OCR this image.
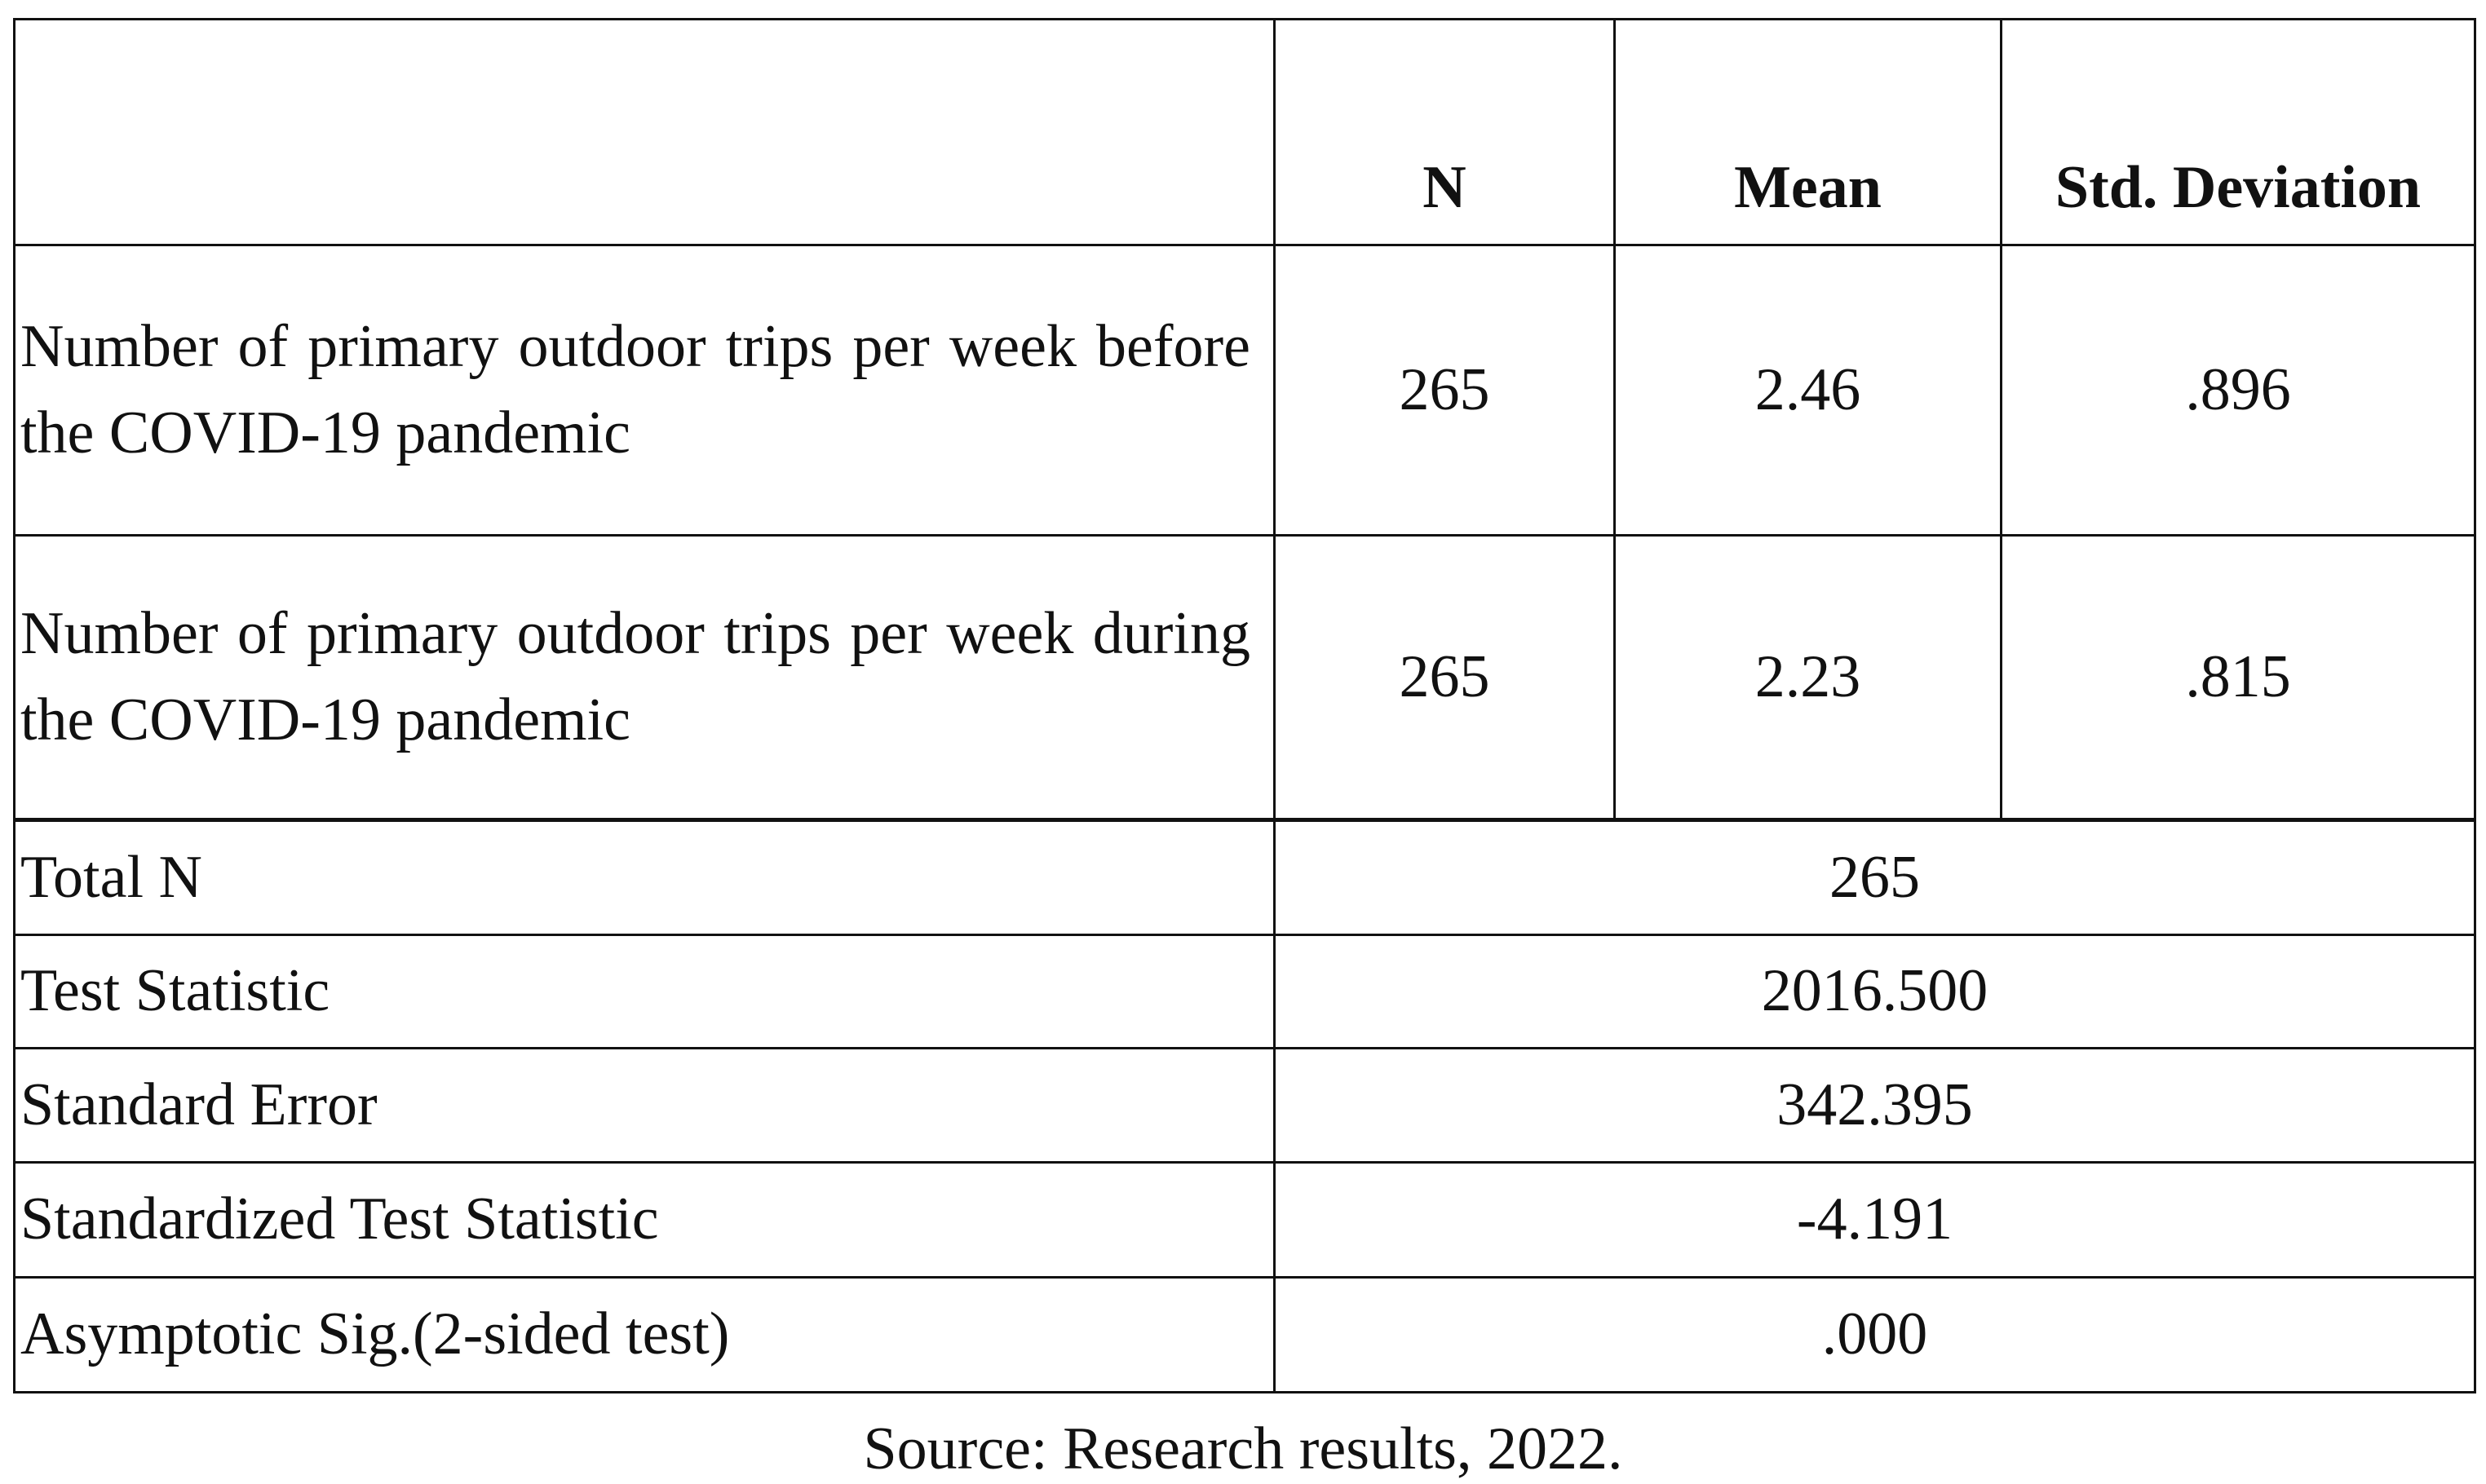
	N	Mean	Std. Deviation
Number of primary outdoor trips per week before the COVID-19 pandemic	265	2.46	.896
Number of primary outdoor trips per week during the COVID-19 pandemic	265	2.23	.815
Total N	265		
Test Statistic	2016.500		
Standard Error	342.395		
Standardized Test Statistic	-4.191		
Asymptotic Sig.(2-sided test)	.000		
Source: Research results, 2022.
